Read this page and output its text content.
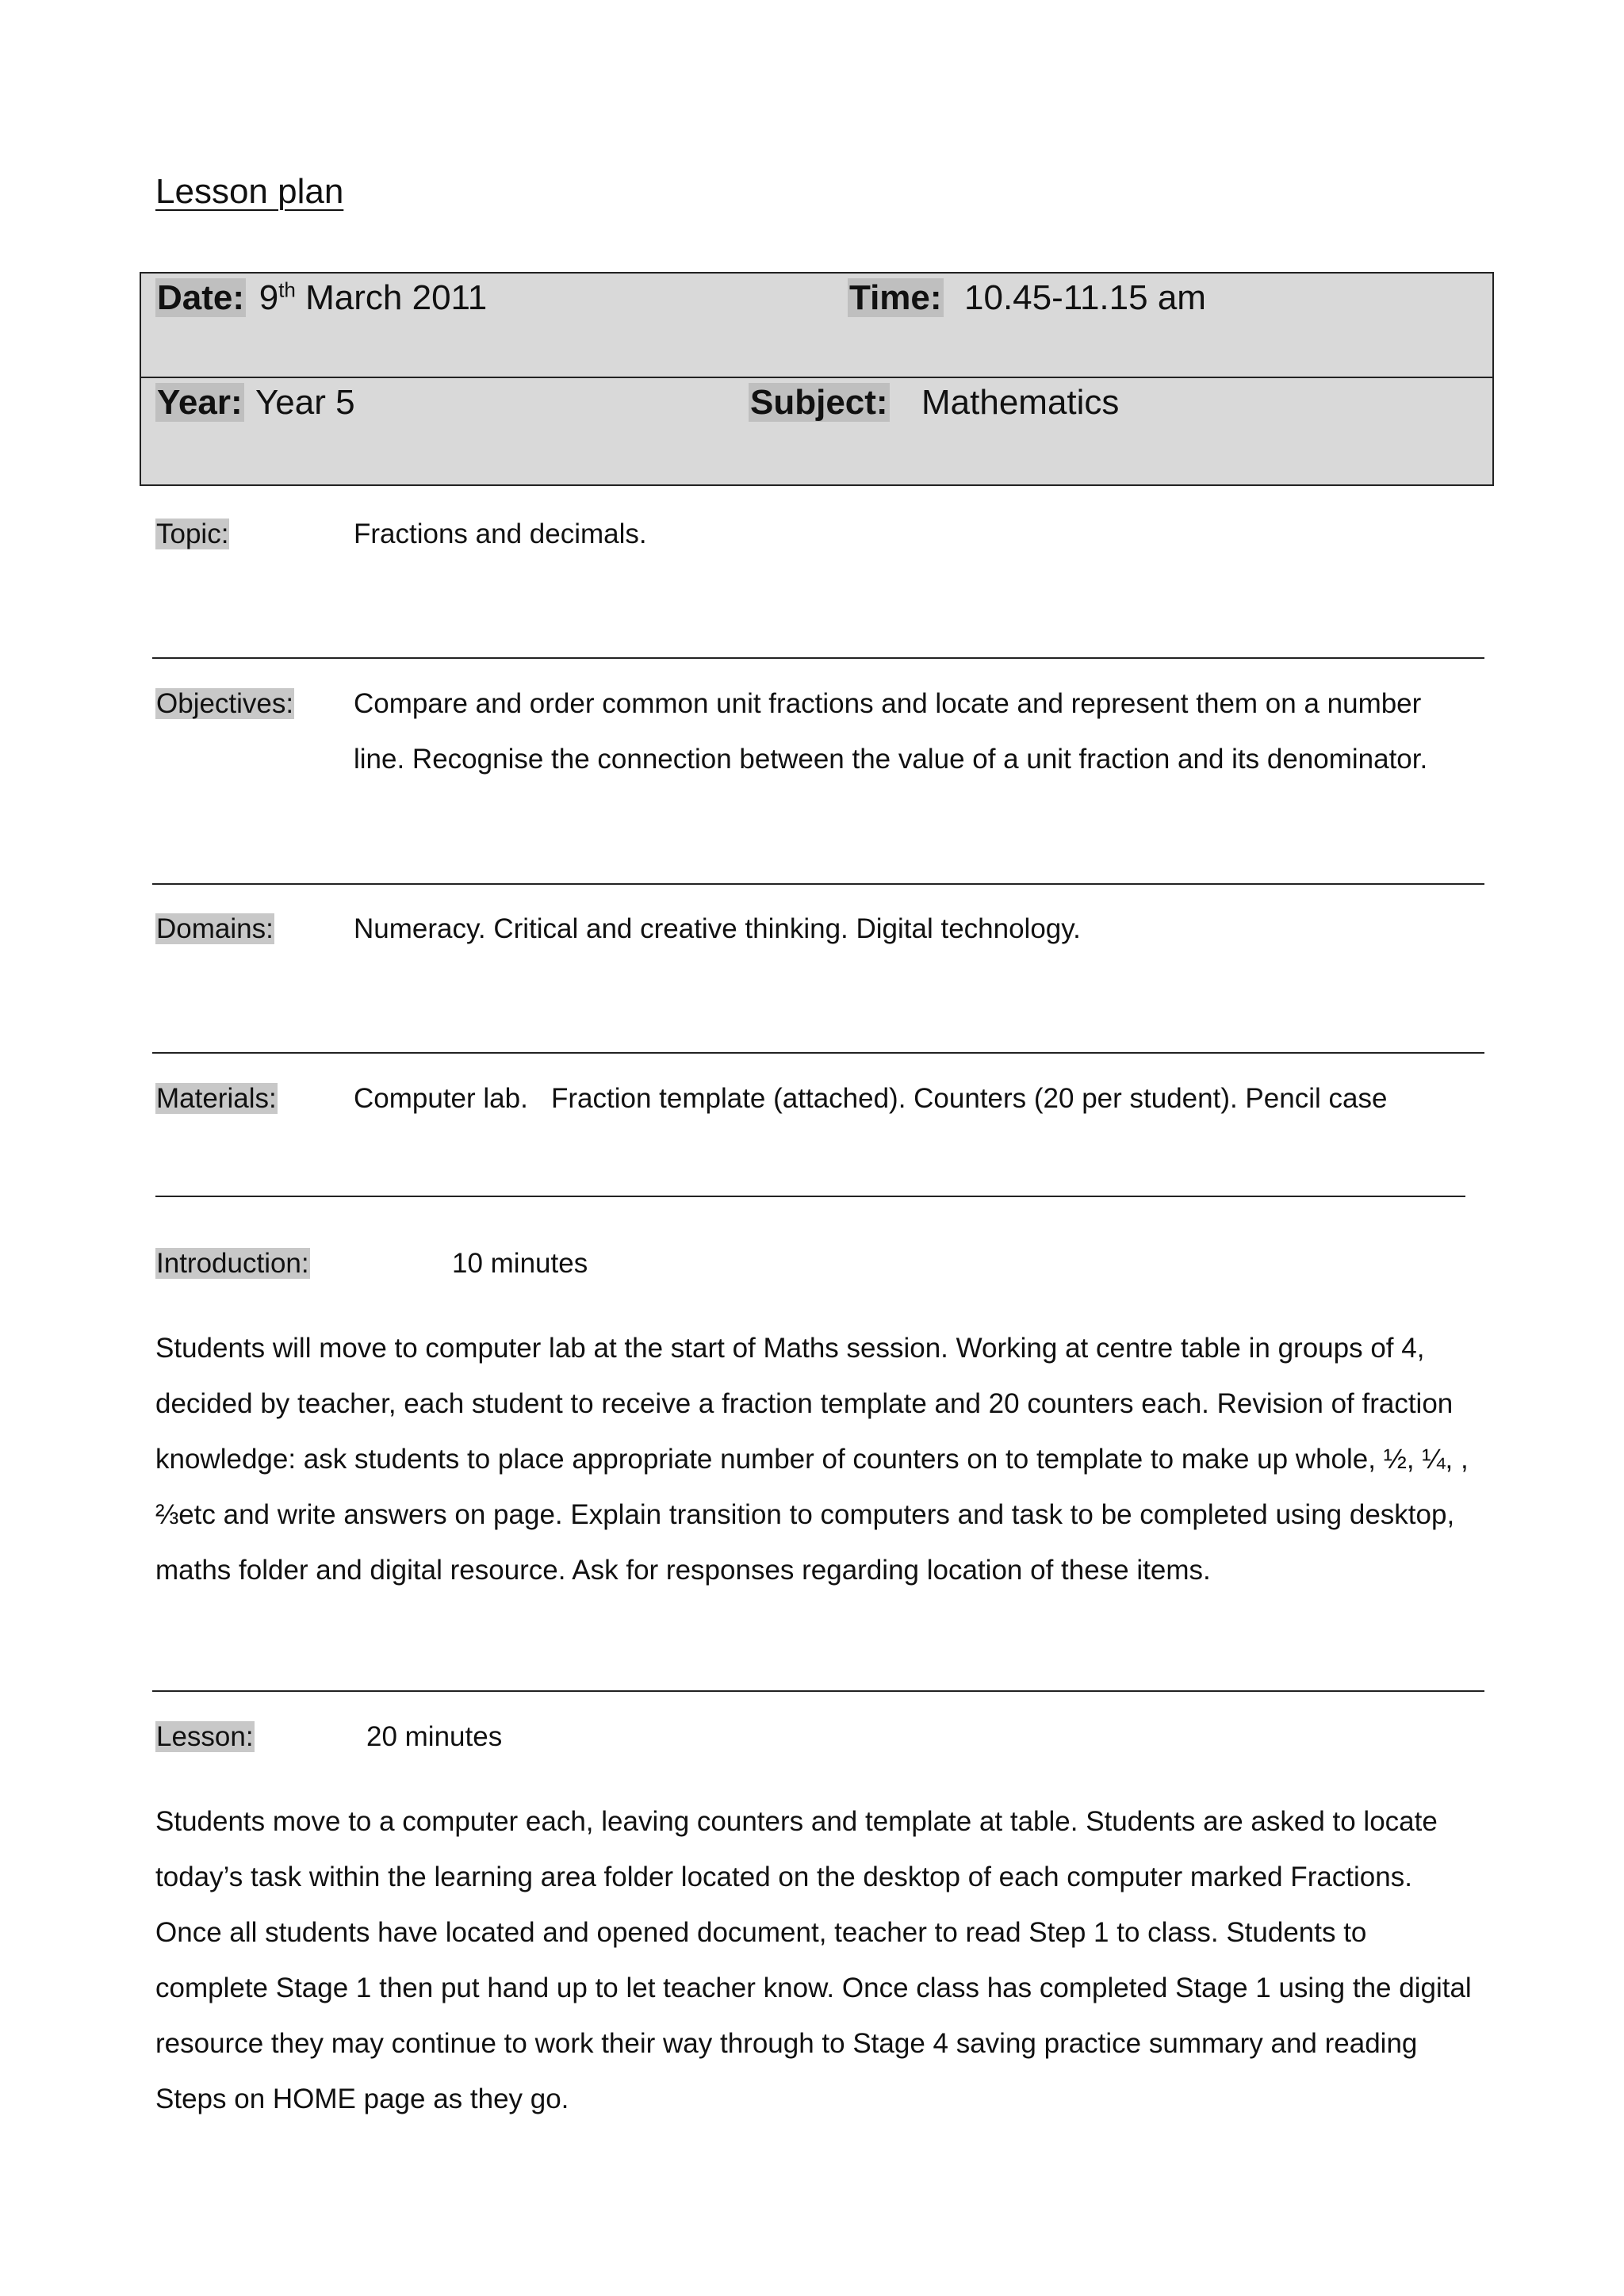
Lesson plan
Date: 9th March 2011	Time: 10.45-11.15 am
Year: Year 5	Subject: Mathematics
Topic:	Fractions and decimals.
Objectives: Compare and order common unit fractions and locate and represent them on a number
line. Recognise the connection between the value of a unit fraction and its denominator.
Domains:	Numeracy. Critical and creative thinking. Digital technology.
Materials:	Computer lab.   Fraction template (attached). Counters (20 per student). Pencil case
Introduction:	10 minutes
Students will move to computer lab at the start of Maths session. Working at centre table in groups of 4,
decided by teacher, each student to receive a fraction template and 20 counters each. Revision of fraction
knowledge: ask students to place appropriate number of counters on to template to make up whole, ½, ¼, ,
⅔etc and write answers on page. Explain transition to computers and task to be completed using desktop,
maths folder and digital resource. Ask for responses regarding location of these items.
Lesson:	20 minutes
Students move to a computer each, leaving counters and template at table. Students are asked to locate
today’s task within the learning area folder located on the desktop of each computer marked Fractions.
Once all students have located and opened document, teacher to read Step 1 to class. Students to
complete Stage 1 then put hand up to let teacher know. Once class has completed Stage 1 using the digital
resource they may continue to work their way through to Stage 4 saving practice summary and reading
Steps on HOME page as they go.
